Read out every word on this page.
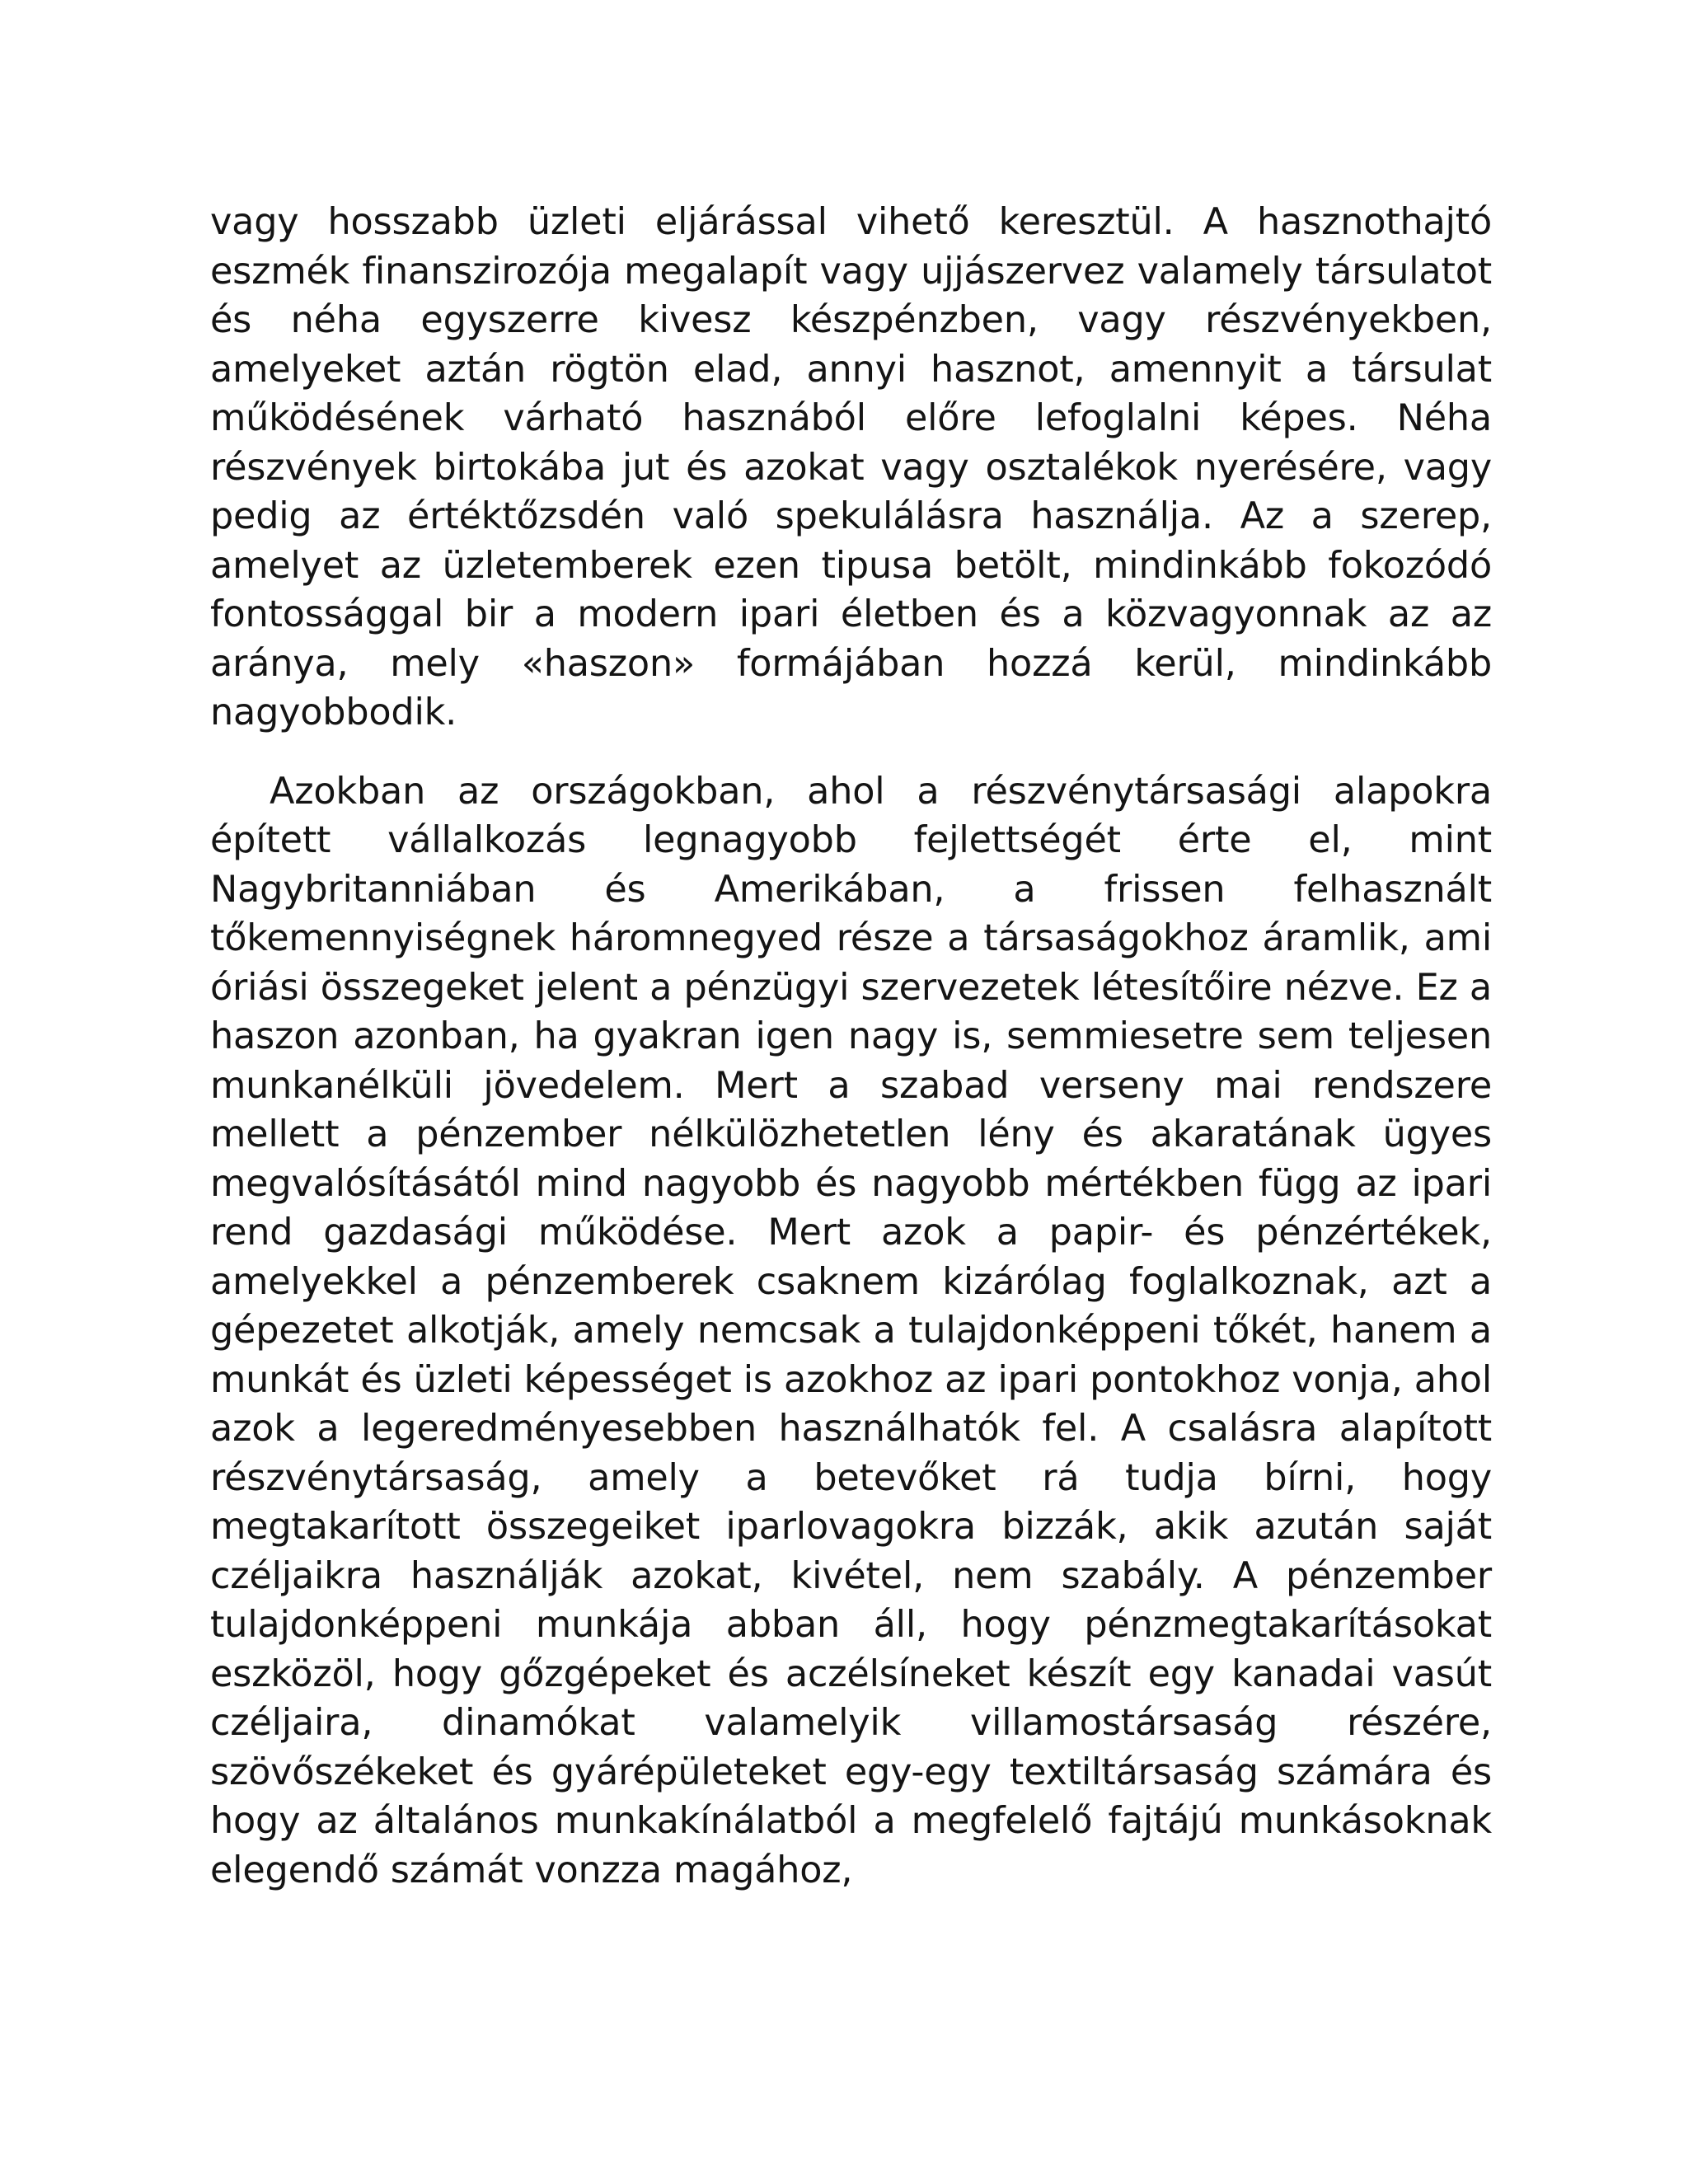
vagy hosszabb üzleti eljárással vihető keresztül. A hasznothajtó eszmék finanszirozója megalapít vagy ujjászervez valamely társulatot és néha egyszerre kivesz készpénzben, vagy részvényekben, amelyeket aztán rögtön elad, annyi hasznot, amennyit a társulat működésének várható hasznából előre lefoglalni képes. Néha részvények birtokába jut és azokat vagy osztalékok nyerésére, vagy pedig az értéktőzsdén való spekulálásra használja. Az a szerep, amelyet az üzletemberek ezen tipusa betölt, mindinkább fokozódó fontossággal bir a modern ipari életben és a közvagyonnak az az aránya, mely «haszon» formájában hozzá kerül, mindinkább nagyobbodik.

Azokban az országokban, ahol a részvénytársasági alapokra épített vállalkozás legnagyobb fejlettségét érte el, mint Nagybritanniában és Amerikában, a frissen felhasznált tőkemennyiségnek háromnegyed része a társaságokhoz áramlik, ami óriási összegeket jelent a pénzügyi szervezetek létesítőire nézve. Ez a haszon azonban, ha gyakran igen nagy is, semmiesetre sem teljesen munkanélküli jövedelem. Mert a szabad verseny mai rendszere mellett a pénzember nélkülözhetetlen lény és akaratának ügyes megvalósításától mind nagyobb és nagyobb mértékben függ az ipari rend gazdasági működése. Mert azok a papir- és pénzértékek, amelyekkel a pénzemberek csaknem kizárólag foglalkoznak, azt a gépezetet alkotják, amely nemcsak a tulajdonképpeni tőkét, hanem a munkát és üzleti képességet is azokhoz az ipari pontokhoz vonja, ahol azok a legeredményesebben használhatók fel. A csalásra alapított részvénytársaság, amely a betevőket rá tudja bírni, hogy megtakarított összegeiket iparlovagokra bizzák, akik azután saját czéljaikra használják azokat, kivétel, nem szabály. A pénzember tulajdonképpeni munkája abban áll, hogy pénzmegtakarításokat eszközöl, hogy gőzgépeket és aczélsíneket készít egy kanadai vasút czéljaira, dinamókat valamelyik villamostársaság részére, szövőszékeket és gyárépületeket egy-egy textiltársaság számára és hogy az általános munkakínálatból a megfelelő fajtájú munkásoknak elegendő számát vonzza magához,
